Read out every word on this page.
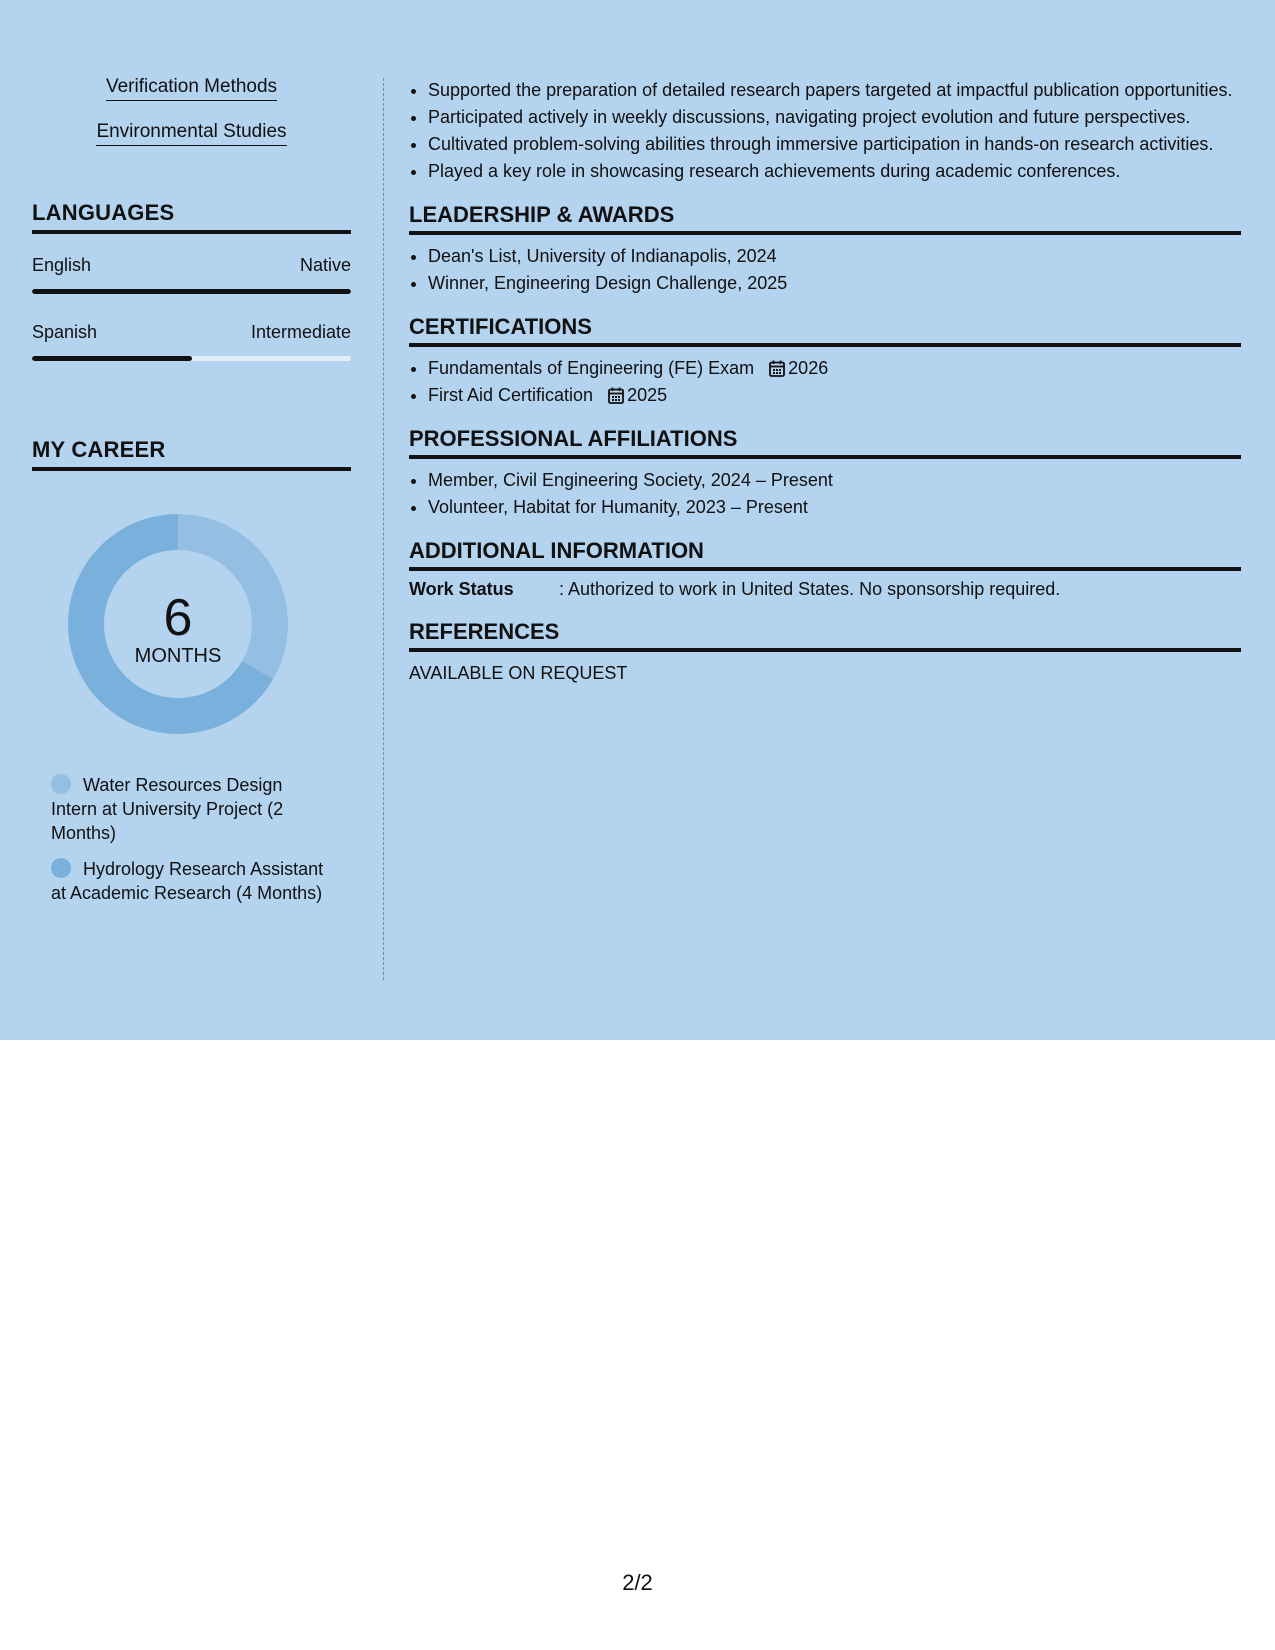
Verification Methods
Environmental Studies
LANGUAGES
English	Native
Spanish	Intermediate
MY CAREER
6
MONTHS
Water Resources Design Intern at University Project (2 Months)
Hydrology Research Assistant at Academic Research (4 Months)
• Supported the preparation of detailed research papers targeted at impactful publication opportunities.
• Participated actively in weekly discussions, navigating project evolution and future perspectives.
• Cultivated problem-solving abilities through immersive participation in hands-on research activities.
• Played a key role in showcasing research achievements during academic conferences.
LEADERSHIP & AWARDS
• Dean's List, University of Indianapolis, 2024
• Winner, Engineering Design Challenge, 2025
CERTIFICATIONS
• Fundamentals of Engineering (FE) Exam 2026
• First Aid Certification 2025
PROFESSIONAL AFFILIATIONS
• Member, Civil Engineering Society, 2024 – Present
• Volunteer, Habitat for Humanity, 2023 – Present
ADDITIONAL INFORMATION
Work Status	: Authorized to work in United States. No sponsorship required.
REFERENCES
AVAILABLE ON REQUEST
2/2
